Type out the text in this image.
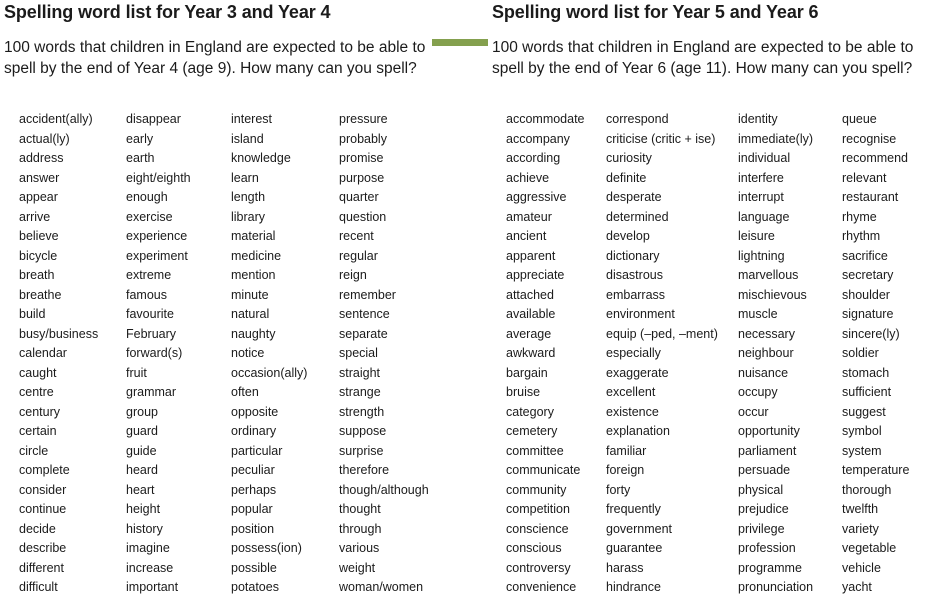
Spelling word list for Year 3 and Year 4
100 words that children in England are expected to be able to spell by the end of Year 4 (age 9). How many can you spell?
accident(ally)
actual(ly)
address
answer
appear
arrive
believe
bicycle
breath
breathe
build
busy/business
calendar
caught
centre
century
certain
circle
complete
consider
continue
decide
describe
different
difficult
disappear
early
earth
eight/eighth
enough
exercise
experience
experiment
extreme
famous
favourite
February
forward(s)
fruit
grammar
group
guard
guide
heard
heart
height
history
imagine
increase
important
interest
island
knowledge
learn
length
library
material
medicine
mention
minute
natural
naughty
notice
occasion(ally)
often
opposite
ordinary
particular
peculiar
perhaps
popular
position
possess(ion)
possible
potatoes
pressure
probably
promise
purpose
quarter
question
recent
regular
reign
remember
sentence
separate
special
straight
strange
strength
suppose
surprise
therefore
though/although
thought
through
various
weight
woman/women
Spelling word list for Year 5 and Year 6
100 words that children in England are expected to be able to spell by the end of Year 6 (age 11). How many can you spell?
accommodate
accompany
according
achieve
aggressive
amateur
ancient
apparent
appreciate
attached
available
average
awkward
bargain
bruise
category
cemetery
committee
communicate
community
competition
conscience
conscious
controversy
convenience
correspond
criticise (critic + ise)
curiosity
definite
desperate
determined
develop
dictionary
disastrous
embarrass
environment
equip (–ped, –ment)
especially
exaggerate
excellent
existence
explanation
familiar
foreign
forty
frequently
government
guarantee
harass
hindrance
identity
immediate(ly)
individual
interfere
interrupt
language
leisure
lightning
marvellous
mischievous
muscle
necessary
neighbour
nuisance
occupy
occur
opportunity
parliament
persuade
physical
prejudice
privilege
profession
programme
pronunciation
queue
recognise
recommend
relevant
restaurant
rhyme
rhythm
sacrifice
secretary
shoulder
signature
sincere(ly)
soldier
stomach
sufficient
suggest
symbol
system
temperature
thorough
twelfth
variety
vegetable
vehicle
yacht
